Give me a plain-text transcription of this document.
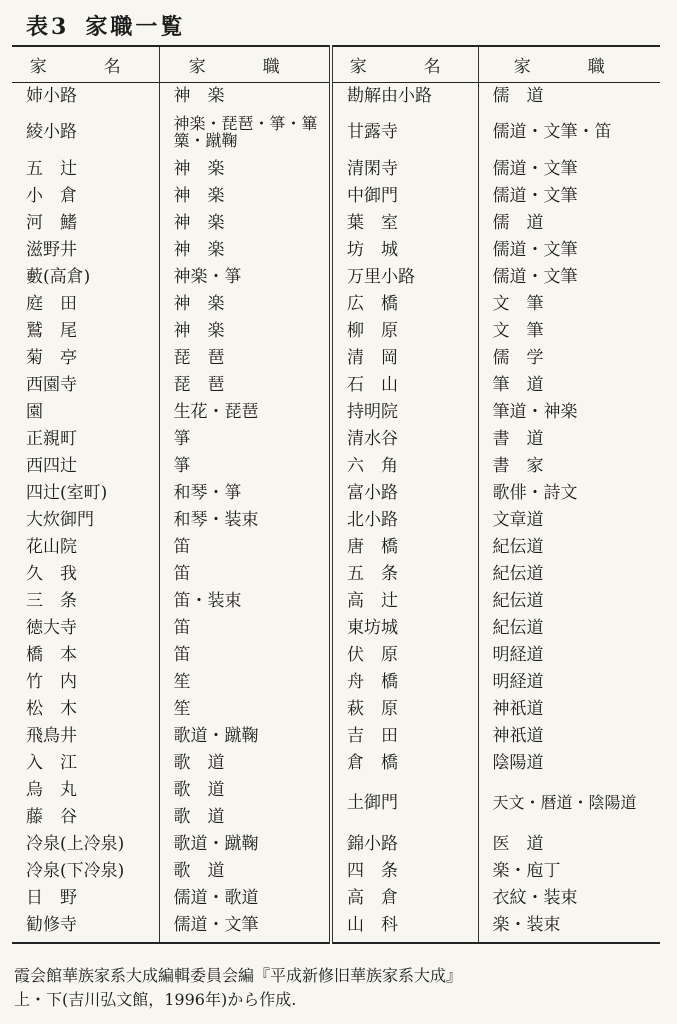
表3 家職一覧
家　名	家　職	家　名	家　職
姉小路	神　楽	勘解由小路	儒　道
綾小路	神楽・琵琶・箏・篳篥・蹴鞠	甘露寺	儒道・文筆・笛
五　辻	神　楽	清閑寺	儒道・文筆
小　倉	神　楽	中御門	儒道・文筆
河　鰭	神　楽	葉　室	儒　道
滋野井	神　楽	坊　城	儒道・文筆
藪(高倉)	神楽・箏	万里小路	儒道・文筆
庭　田	神　楽	広　橋	文　筆
鷲　尾	神　楽	柳　原	文　筆
菊　亭	琵　琶	清　岡	儒　学
西園寺	琵　琶	石　山	筆　道
園	生花・琵琶	持明院	筆道・神楽
正親町	箏	清水谷	書　道
西四辻	箏	六　角	書　家
四辻(室町)	和琴・箏	富小路	歌俳・詩文
大炊御門	和琴・装束	北小路	文章道
花山院	笛	唐　橋	紀伝道
久　我	笛	五　条	紀伝道
三　条	笛・装束	高　辻	紀伝道
徳大寺	笛	東坊城	紀伝道
橋　本	笛	伏　原	明経道
竹　内	笙	舟　橋	明経道
松　木	笙	萩　原	神祇道
飛鳥井	歌道・蹴鞠	吉　田	神祇道
入　江	歌　道	倉　橋	陰陽道
烏　丸	歌　道	土御門	天文・暦道・陰陽道
藤　谷	歌　道		
冷泉(上冷泉)	歌道・蹴鞠	錦小路	医　道
冷泉(下冷泉)	歌　道	四　条	楽・庖丁
日　野	儒道・歌道	高　倉	衣紋・装束
勧修寺	儒道・文筆	山　科	楽・装束
霞会館華族家系大成編輯委員会編『平成新修旧華族家系大成』
上・下(吉川弘文館，1996年)から作成.
